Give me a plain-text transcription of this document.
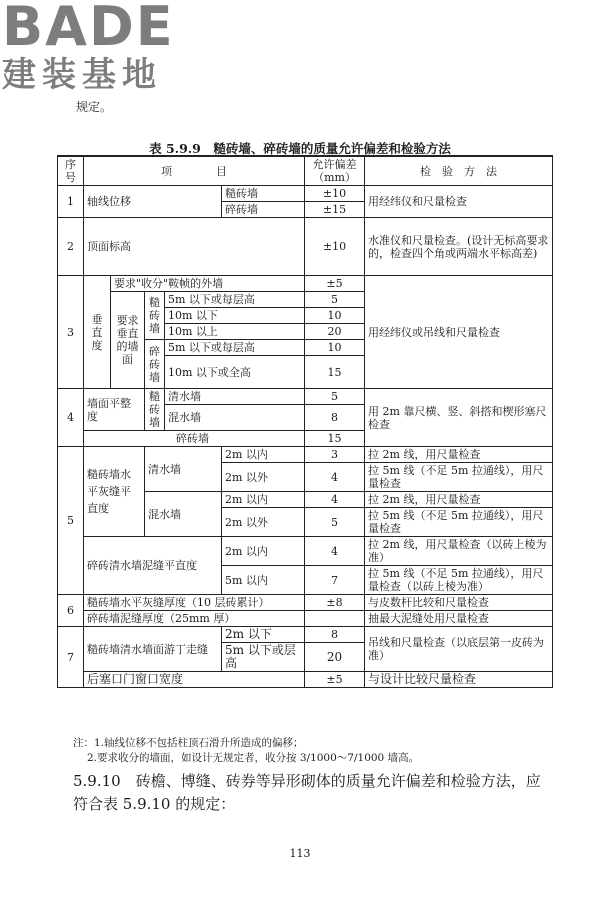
BADE
建装基地
规定。
表 5.9.9　糙砖墙、碎砖墙的质量允许偏差和检验方法
序号	项　　　　目					允许偏差（mm）	检　验　方　法
1	轴线位移				糙砖墙	±10	用经纬仪和尺量检查
					碎砖墙	±15	
2	顶面标高					±10	水准仪和尺量检查。(设计无标高要求的，检查四个角或两端水平标高差)
3	垂直度	要求"收分"鞍帧的外墙				±5	用经纬仪或吊线和尺量检查
		要求垂直的墙面	糙砖墙	5m 以下或每层高		5	
				10m 以下		10	
				10m 以上		20	
			碎砖墙	5m 以下或每层高		10	
				10m 以下或全高		15	

4	墙面平整度		糙砖墙	清水墙		5	用 2m 靠尺横、竖、斜搭和楔形塞尺检查
				混水墙		8	
	碎砖墙					15	
5	糙砖墙水平灰缝平直度		清水墙		2m 以内	3	拉 2m 线，用尺量检查
					2m 以外	4	拉 5m 线（不足 5m 拉通线），用尺量检查
			混水墙		2m 以内	4	拉 2m 线，用尺量检查
					2m 以外	5	拉 5m 线（不足 5m 拉通线），用尺量检查
	碎砖清水墙泥缝平直度				2m 以内	4	拉 2m 线，用尺量检查（以砖上棱为准）
					5m 以内	7	拉 5m 线（不足 5m 拉通线），用尺量检查（以砖上棱为准）
6	糙砖墙水平灰缝厚度（10 层砖累计）					±8	与皮数杆比较和尺量检查
	碎砖墙泥缝厚度（25mm 厚）						抽最大泥缝处用尺量检查
7	糙砖墙清水墙面游丁走缝				2m 以下	8	吊线和尺量检查（以底层第一皮砖为准）
					5m 以下或层高	20	
	后塞口门窗口宽度					±5	与设计比较尺量检查
注：1.轴线位移不包括柱顶石滑升所造成的偏移；
2.要求收分的墙面，如设计无规定者，收分按 3/1000～7/1000 墙高。
5.9.10　砖檐、博缝、砖券等异形砌体的质量允许偏差和检验方法，应符合表 5.9.10 的规定：
113
